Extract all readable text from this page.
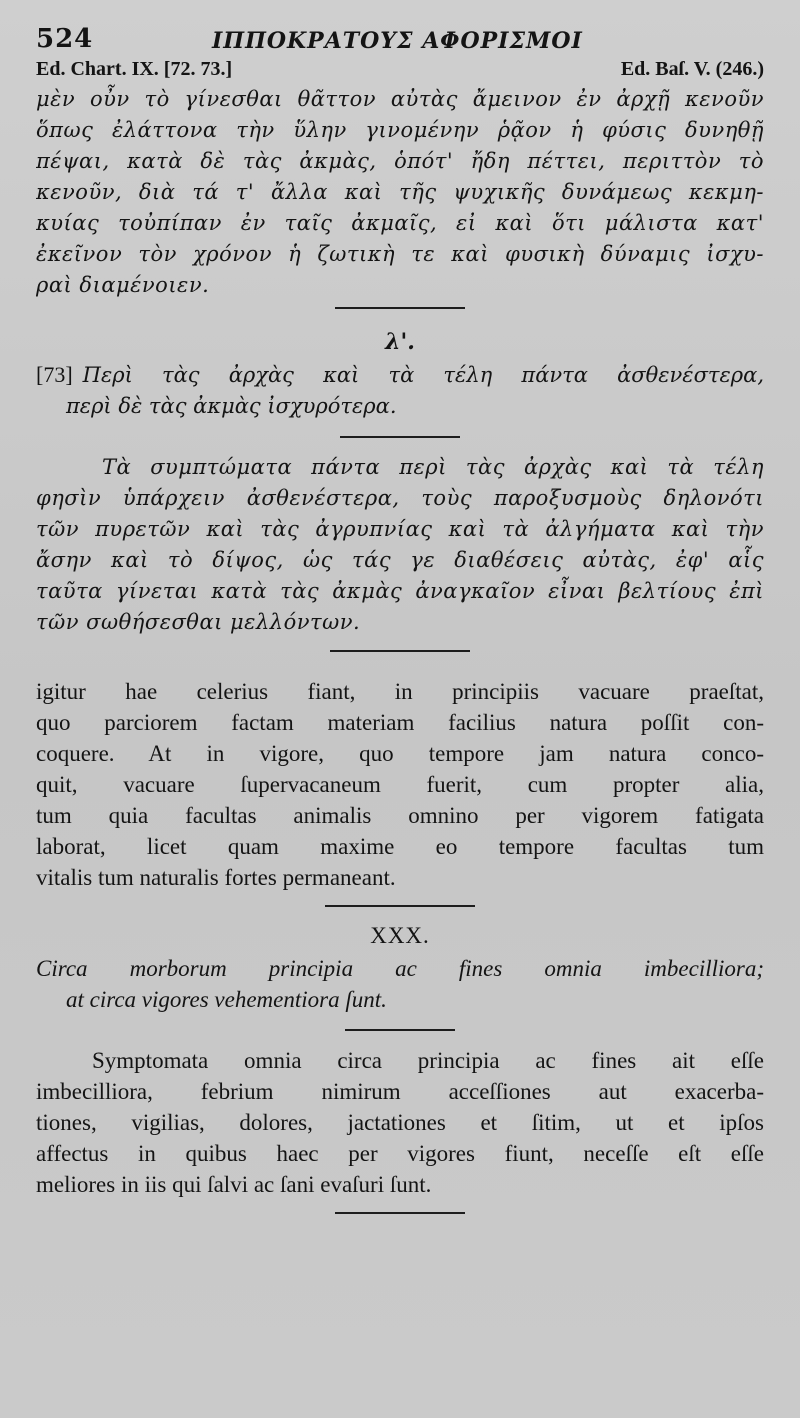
524	ΙΠΠΟΚΡΑΤΟΥΣ ΑΦΟΡΙΣΜΟΙ
Ed. Chart. IX. [72. 73.]	Ed. Baſ. V. (246.)
μὲν οὖν τὸ γίνεσθαι θᾶττον αὐτὰς ἄμεινον ἐν ἀρχῇ κενοῦν
ὅπως ἐλάττονα τὴν ὕλην γινομένην ῥᾷον ἡ φύσις δυνηθῇ
πέψαι, κατὰ δὲ τὰς ἀκμὰς, ὁπότ' ἤδη πέττει, περιττὸν τὸ
κενοῦν, διὰ τά τ' ἄλλα καὶ τῆς ψυχικῆς δυνάμεως κεκμη-
κυίας τοὐπίπαν ἐν ταῖς ἀκμαῖς, εἰ καὶ ὅτι μάλιστα κατ'
ἐκεῖνον τὸν χρόνον ἡ ζωτικὴ τε καὶ φυσικὴ δύναμις ἰσχυ-
ραὶ διαμένοιεν.
λ'.
[73] Περὶ τὰς ἀρχὰς καὶ τὰ τέλη πάντα ἀσθενέστερα,
περὶ δὲ τὰς ἀκμὰς ἰσχυρότερα.
Τὰ συμπτώματα πάντα περὶ τὰς ἀρχὰς καὶ τὰ τέλη
φησὶν ὑπάρχειν ἀσθενέστερα, τοὺς παροξυσμοὺς δηλονότι
τῶν πυρετῶν καὶ τὰς ἀγρυπνίας καὶ τὰ ἀλγήματα καὶ τὴν
ἄσην καὶ τὸ δίψος, ὡς τάς γε διαθέσεις αὐτὰς, ἐφ' αἷς
ταῦτα γίνεται κατὰ τὰς ἀκμὰς ἀναγκαῖον εἶναι βελτίους ἐπὶ
τῶν σωθήσεσθαι μελλόντων.
igitur hae celerius fiant, in principiis vacuare praeſtat,
quo parciorem factam materiam facilius natura poſſit con-
coquere. At in vigore, quo tempore jam natura conco-
quit, vacuare ſupervacaneum fuerit, cum propter alia,
tum quia facultas animalis omnino per vigorem fatigata
laborat, licet quam maxime eo tempore facultas tum
vitalis tum naturalis fortes permaneant.
XXX.
Circa morborum principia ac fines omnia imbecilliora;
at circa vigores vehementiora ſunt.
Symptomata omnia circa principia ac fines ait eſſe
imbecilliora, febrium nimirum acceſſiones aut exacerba-
tiones, vigilias, dolores, jactationes et ſitim, ut et ipſos
affectus in quibus haec per vigores fiunt, neceſſe eſt eſſe
meliores in iis qui ſalvi ac ſani evaſuri ſunt.
